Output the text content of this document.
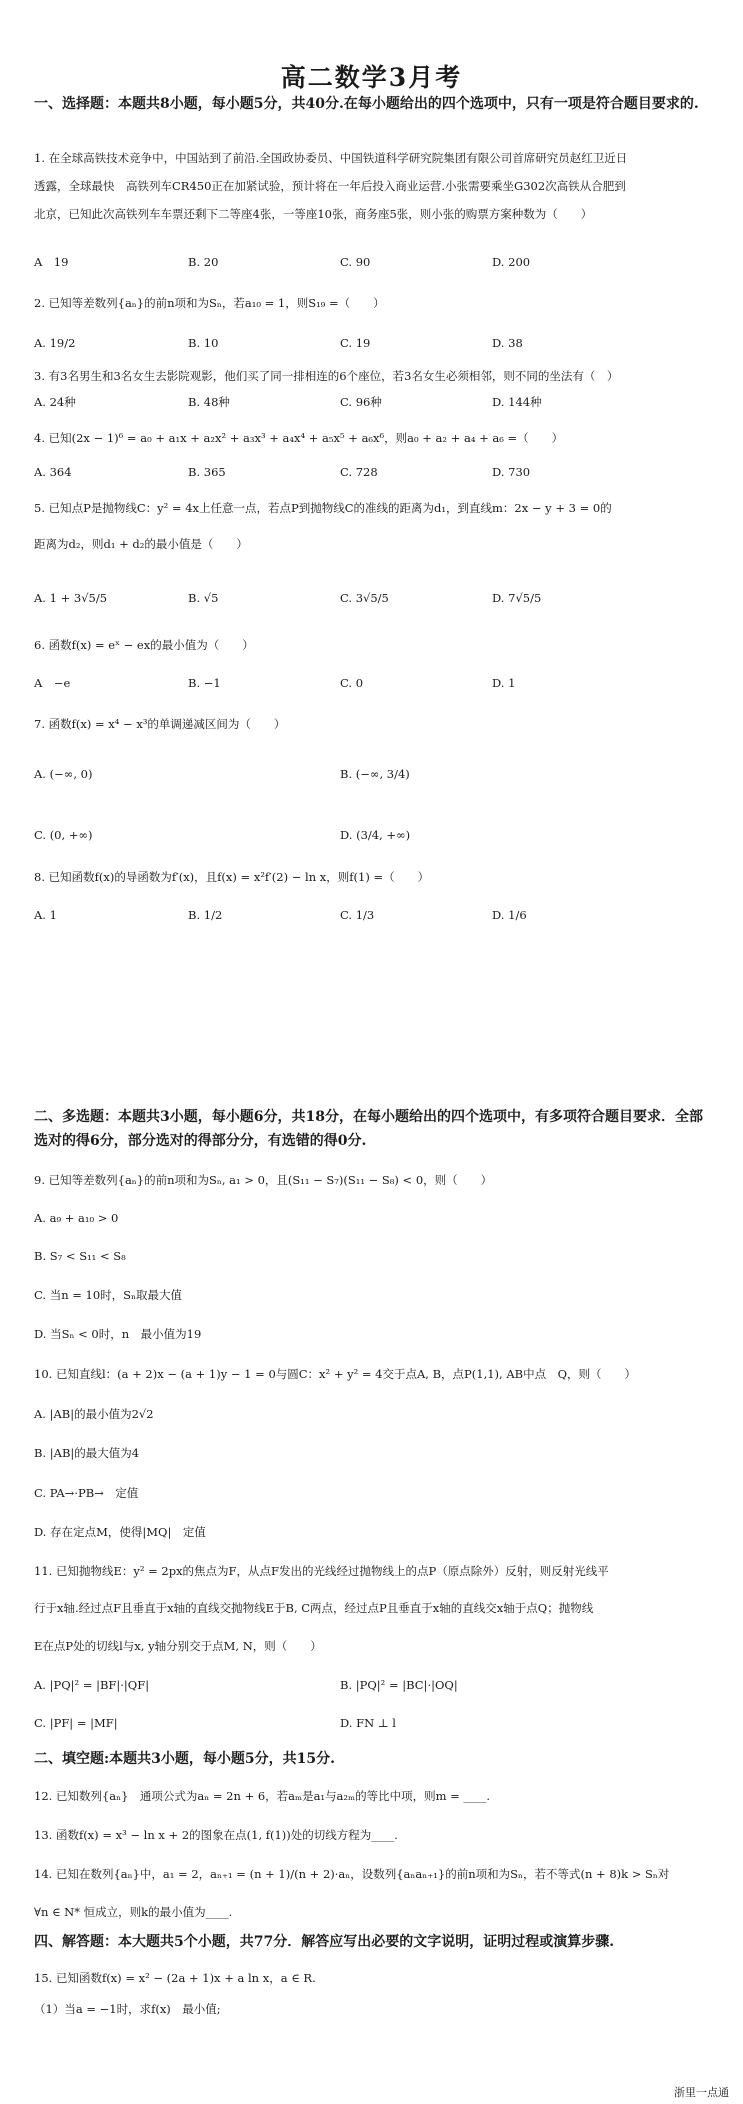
高二数学3月考
一、选择题：本题共8小题，每小题5分，共40分.在每小题给出的四个选项中，只有一项是符合题目要求的.
1. 在全球高铁技术竞争中，中国站到了前沿.全国政协委员、中国铁道科学研究院集团有限公司首席研究员赵红卫近日
透露，全球最快　高铁列车CR450正在加紧试验，预计将在一年后投入商业运营.小张需要乘坐G302次高铁从合肥到
北京，已知此次高铁列车车票还剩下二等座4张，一等座10张，商务座5张，则小张的购票方案种数为（　　）
A　19	B. 20	C. 90	D. 200
2. 已知等差数列{aₙ}的前n项和为Sₙ，若a₁₀ = 1，则S₁₉ =（　　）
A. 19/2	B. 10	C. 19	D. 38
3. 有3名男生和3名女生去影院观影，他们买了同一排相连的6个座位，若3名女生必须相邻，则不同的坐法有（　）
A. 24种	B. 48种	C. 96种	D. 144种
4. 已知(2x − 1)⁶ = a₀ + a₁x + a₂x² + a₃x³ + a₄x⁴ + a₅x⁵ + a₆x⁶，则a₀ + a₂ + a₄ + a₆ =（　　）
A. 364	B. 365	C. 728	D. 730
5. 已知点P是抛物线C：y² = 4x上任意一点，若点P到抛物线C的准线的距离为d₁，到直线m：2x − y + 3 = 0的
距离为d₂，则d₁ + d₂的最小值是（　　）
A. 1 + 3√5/5	B. √5	C. 3√5/5	D. 7√5/5
6. 函数f(x) = eˣ − ex的最小值为（　　）
A　−e	B. −1	C. 0	D. 1
7. 函数f(x) = x⁴ − x³的单调递减区间为（　　）
A. (−∞, 0)	B. (−∞, 3/4)
C. (0, +∞)	D. (3/4, +∞)
8. 已知函数f(x)的导函数为f′(x)，且f(x) = x²f′(2) − ln x，则f(1) =（　　）
A. 1	B. 1/2	C. 1/3	D. 1/6
二、多选题：本题共3小题，每小题6分，共18分，在每小题给出的四个选项中，有多项符合题目要求．全部选对的得6分，部分选对的得部分分，有选错的得0分.
9. 已知等差数列{aₙ}的前n项和为Sₙ, a₁ > 0，且(S₁₁ − S₇)(S₁₁ − S₈) < 0，则（　　）
A. a₉ + a₁₀ > 0
B. S₇ < S₁₁ < S₈
C. 当n = 10时，Sₙ取最大值
D. 当Sₙ < 0时，n　最小值为19
10. 已知直线l：(a + 2)x − (a + 1)y − 1 = 0与圆C：x² + y² = 4交于点A, B，点P(1,1), AB中点　Q，则（　　）
A. |AB|的最小值为2√2
B. |AB|的最大值为4
C. PA→·PB→　定值
D. 存在定点M，使得|MQ|　定值
11. 已知抛物线E：y² = 2px的焦点为F，从点F发出的光线经过抛物线上的点P（原点除外）反射，则反射光线平
行于x轴.经过点F且垂直于x轴的直线交抛物线E于B, C两点，经过点P且垂直于x轴的直线交x轴于点Q；抛物线
E在点P处的切线l与x, y轴分别交于点M, N，则（　　）
A. |PQ|² = |BF|·|QF|	B. |PQ|² = |BC|·|OQ|
C. |PF| = |MF|	D. FN ⊥ l
二、填空题:本题共3小题，每小题5分，共15分.
12. 已知数列{aₙ}　通项公式为aₙ = 2n + 6，若aₘ是a₁与a₂ₘ的等比中项，则m = ____.
13. 函数f(x) = x³ − ln x + 2的图象在点(1, f(1))处的切线方程为____.
14. 已知在数列{aₙ}中，a₁ = 2，aₙ₊₁ = (n + 1)/(n + 2)·aₙ，设数列{aₙaₙ₊₁}的前n项和为Sₙ，若不等式(n + 8)k > Sₙ对
∀n ∈ N* 恒成立，则k的最小值为____.
四、解答题：本大题共5个小题，共77分．解答应写出必要的文字说明，证明过程或演算步骤.
15. 已知函数f(x) = x² − (2a + 1)x + a ln x，a ∈ R.
（1）当a = −1时，求f(x)　最小值;
浙里一点通
